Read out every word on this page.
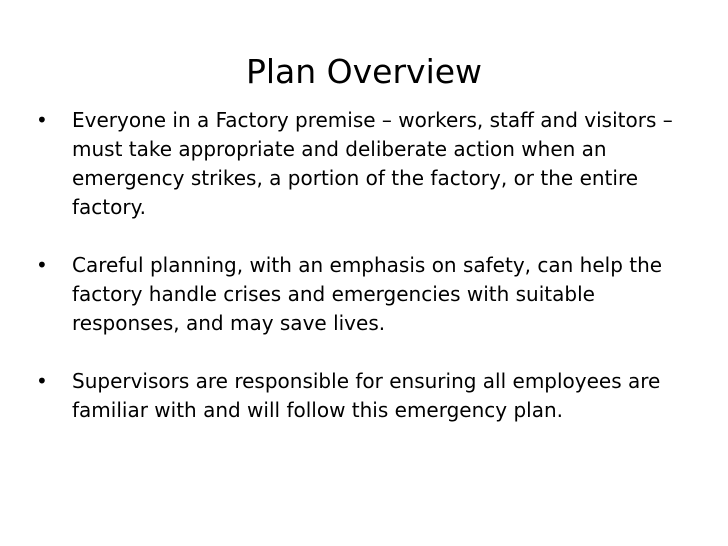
Plan Overview
•	Everyone in a Factory premise – workers, staff and visitors – must take appropriate and deliberate action when an emergency strikes, a portion of the factory, or the entire factory.
•	Careful planning, with an emphasis on safety, can help the factory handle crises and emergencies with suitable responses, and may save lives.
•	Supervisors are responsible for ensuring all employees are familiar with and will follow this emergency plan.
